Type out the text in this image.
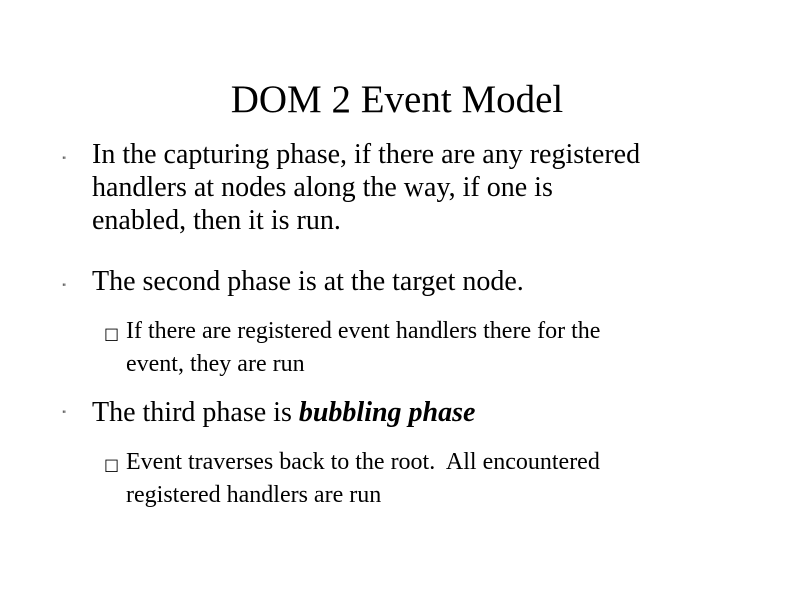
DOM 2 Event Model
" In the capturing phase, if there are any registered
handlers at nodes along the way, if one is
enabled, then it is run.
" The second phase is at the target node.
□ If there are registered event handlers there for the
event, they are run
" The third phase is bubbling phase
□ Event traverses back to the root.  All encountered
registered handlers are run
